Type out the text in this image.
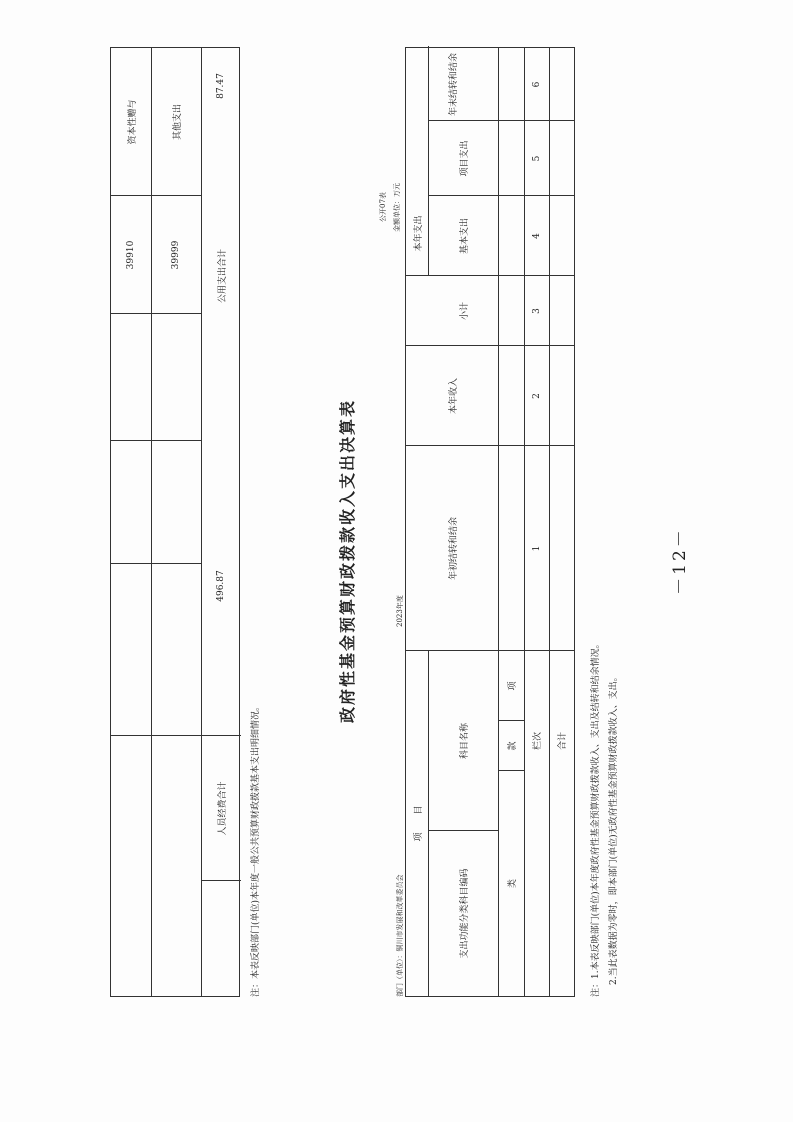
39910
资本性赠与
39999
其他支出
人员经费合计
496.87
公用支出合计
87.47
注：本表反映部门(单位)本年度一般公共预算财政拨款基本支出明细情况。
政府性基金预算财政拨款收入支出决算表
公开07表
部门（单位）：铜川市发展和改革委员会
2023年度
金额单位：万元
项　　目
支出功能分类科目编码
科目名称
类
款
项
年初结转和结余
本年收入
本年支出
小计
基本支出
项目支出
年末结转和结余
栏次
1
2
3
4
5
6
合计	注：1.本表反映部门(单位)本年度政府性基金预算财政拨款收入、支出及结转和结余情况。 2.当此表数据为零时，即本部门(单位)无政府性基金预算财政拨款收入、支出。
－12－
